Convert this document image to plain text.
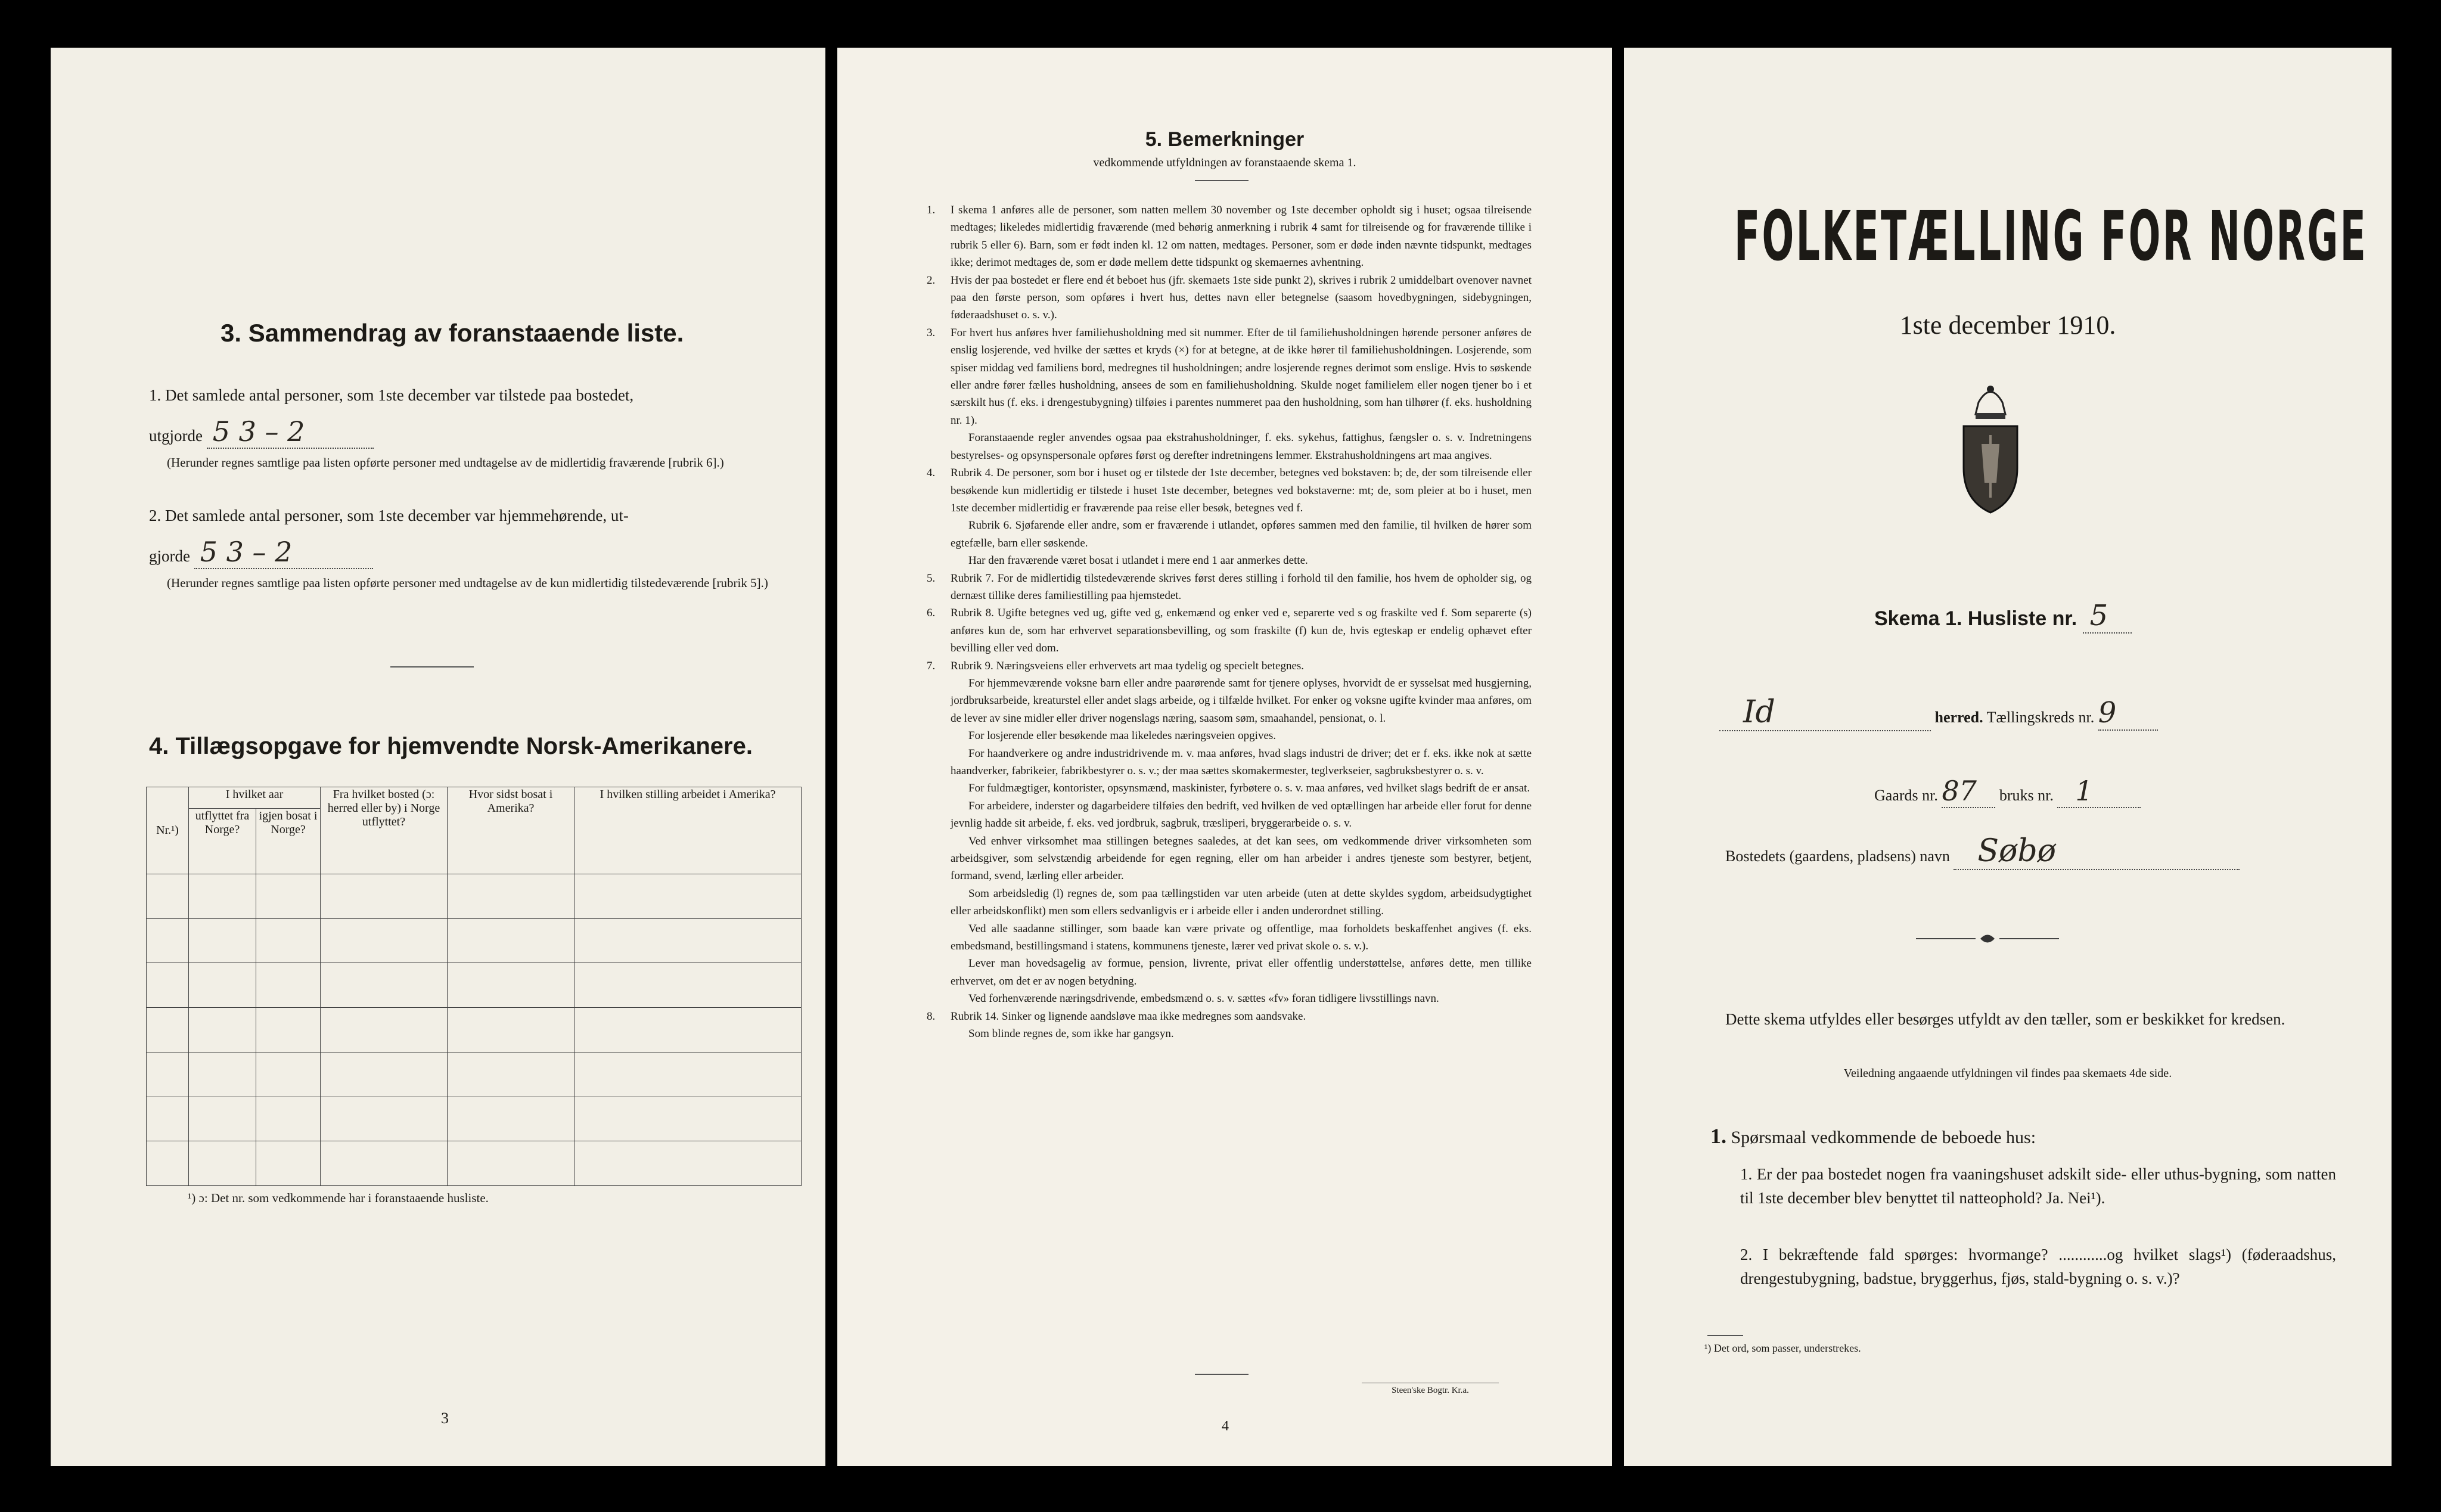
3. Sammendrag av foranstaaende liste.
1. Det samlede antal personer, som 1ste december var tilstede paa bostedet,
utgjorde 5 3 – 2
(Herunder regnes samtlige paa listen opførte personer med undtagelse av de midlertidig fraværende [rubrik 6].)
2. Det samlede antal personer, som 1ste december var hjemmehørende, ut-
gjorde 5 3 – 2
(Herunder regnes samtlige paa listen opførte personer med undtagelse av de kun midlertidig tilstedeværende [rubrik 5].)
4. Tillægsopgave for hjemvendte Norsk-Amerikanere.
Nr.¹)	I hvilket aar		Fra hvilket bosted (ɔ: herred eller by) i Norge utflyttet?	Hvor sidst bosat i Amerika?	I hvilken stilling arbeidet i Amerika?
	utflyttet fra Norge?	igjen bosat i Norge?			

¹) ɔ: Det nr. som vedkommende har i foranstaaende husliste.
3
5. Bemerkninger
vedkommende utfyldningen av foranstaaende skema 1.
1.	I skema 1 anføres alle de personer, som natten mellem 30 november og 1ste december opholdt sig i huset; ogsaa tilreisende medtages; likeledes midlertidig fraværende (med behørig anmerkning i rubrik 4 samt for tilreisende og for fraværende tillike i rubrik 5 eller 6). Barn, som er født inden kl. 12 om natten, medtages. Personer, som er døde inden nævnte tidspunkt, medtages ikke; derimot medtages de, som er døde mellem dette tidspunkt og skemaernes avhentning.
2.	Hvis der paa bostedet er flere end ét beboet hus (jfr. skemaets 1ste side punkt 2), skrives i rubrik 2 umiddelbart ovenover navnet paa den første person, som opføres i hvert hus, dettes navn eller betegnelse (saasom hovedbygningen, sidebygningen, føderaadshuset o. s. v.).
3.	For hvert hus anføres hver familiehusholdning med sit nummer. Efter de til familiehusholdningen hørende personer anføres de enslig losjerende, ved hvilke der sættes et kryds (×) for at betegne, at de ikke hører til familiehusholdningen. Losjerende, som spiser middag ved familiens bord, medregnes til husholdningen; andre losjerende regnes derimot som enslige. Hvis to søskende eller andre fører fælles husholdning, ansees de som en familiehusholdning. Skulde noget familielem eller nogen tjener bo i et særskilt hus (f. eks. i drengestubygning) tilføies i parentes nummeret paa den husholdning, som han tilhører (f. eks. husholdning nr. 1).
Foranstaaende regler anvendes ogsaa paa ekstrahusholdninger, f. eks. sykehus, fattighus, fængsler o. s. v. Indretningens bestyrelses- og opsynspersonale opføres først og derefter indretningens lemmer. Ekstrahusholdningens art maa angives.
4.	Rubrik 4. De personer, som bor i huset og er tilstede der 1ste december, betegnes ved bokstaven: b; de, der som tilreisende eller besøkende kun midlertidig er tilstede i huset 1ste december, betegnes ved bokstaverne: mt; de, som pleier at bo i huset, men 1ste december midlertidig er fraværende paa reise eller besøk, betegnes ved f.
Rubrik 6. Sjøfarende eller andre, som er fraværende i utlandet, opføres sammen med den familie, til hvilken de hører som egtefælle, barn eller søskende.
Har den fraværende været bosat i utlandet i mere end 1 aar anmerkes dette.
5.	Rubrik 7. For de midlertidig tilstedeværende skrives først deres stilling i forhold til den familie, hos hvem de opholder sig, og dernæst tillike deres familiestilling paa hjemstedet.
6.	Rubrik 8. Ugifte betegnes ved ug, gifte ved g, enkemænd og enker ved e, separerte ved s og fraskilte ved f. Som separerte (s) anføres kun de, som har erhvervet separationsbevilling, og som fraskilte (f) kun de, hvis egteskap er endelig ophævet efter bevilling eller ved dom.
7.	Rubrik 9. Næringsveiens eller erhvervets art maa tydelig og specielt betegnes.
For hjemmeværende voksne barn eller andre paarørende samt for tjenere oplyses, hvorvidt de er sysselsat med husgjerning, jordbruksarbeide, kreaturstel eller andet slags arbeide, og i tilfælde hvilket. For enker og voksne ugifte kvinder maa anføres, om de lever av sine midler eller driver nogenslags næring, saasom søm, smaahandel, pensionat, o. l.
For losjerende eller besøkende maa likeledes næringsveien opgives.
For haandverkere og andre industridrivende m. v. maa anføres, hvad slags industri de driver; det er f. eks. ikke nok at sætte haandverker, fabrikeier, fabrikbestyrer o. s. v.; der maa sættes skomakermester, teglverkseier, sagbruksbestyrer o. s. v.
For fuldmægtiger, kontorister, opsynsmænd, maskinister, fyrbøtere o. s. v. maa anføres, ved hvilket slags bedrift de er ansat.
For arbeidere, inderster og dagarbeidere tilføies den bedrift, ved hvilken de ved optællingen har arbeide eller forut for denne jevnlig hadde sit arbeide, f. eks. ved jordbruk, sagbruk, træsliperi, bryggerarbeide o. s. v.
Ved enhver virksomhet maa stillingen betegnes saaledes, at det kan sees, om vedkommende driver virksomheten som arbeidsgiver, som selvstændig arbeidende for egen regning, eller om han arbeider i andres tjeneste som bestyrer, betjent, formand, svend, lærling eller arbeider.
Som arbeidsledig (l) regnes de, som paa tællingstiden var uten arbeide (uten at dette skyldes sygdom, arbeidsudygtighet eller arbeidskonflikt) men som ellers sedvanligvis er i arbeide eller i anden underordnet stilling.
Ved alle saadanne stillinger, som baade kan være private og offentlige, maa forholdets beskaffenhet angives (f. eks. embedsmand, bestillingsmand i statens, kommunens tjeneste, lærer ved privat skole o. s. v.).
Lever man hovedsagelig av formue, pension, livrente, privat eller offentlig understøttelse, anføres dette, men tillike erhvervet, om det er av nogen betydning.
Ved forhenværende næringsdrivende, embedsmænd o. s. v. sættes «fv» foran tidligere livsstillings navn.
8.	Rubrik 14. Sinker og lignende aandsløve maa ikke medregnes som aandsvake.
Som blinde regnes de, som ikke har gangsyn.
4
Steen'ske Bogtr. Kr.a.
FOLKETÆLLING FOR NORGE
1ste december 1910.
Skema 1. Husliste nr. 5
Id	herred. Tællingskreds nr. 9
Gaards nr. 87 bruks nr. 1
Bostedets (gaardens, pladsens) navn Søbø
Dette skema utfyldes eller besørges utfyldt av den tæller, som er beskikket for kredsen.
Veiledning angaaende utfyldningen vil findes paa skemaets 4de side.
1. Spørsmaal vedkommende de beboede hus:
1. Er der paa bostedet nogen fra vaaningshuset adskilt side- eller uthus-bygning, som natten til 1ste december blev benyttet til natteophold? Ja. Nei¹).
2. I bekræftende fald spørges: hvormange? ............og hvilket slags¹) (føderaadshus, drengestubygning, badstue, bryggerhus, fjøs, stald-bygning o. s. v.)?
¹) Det ord, som passer, understrekes.
